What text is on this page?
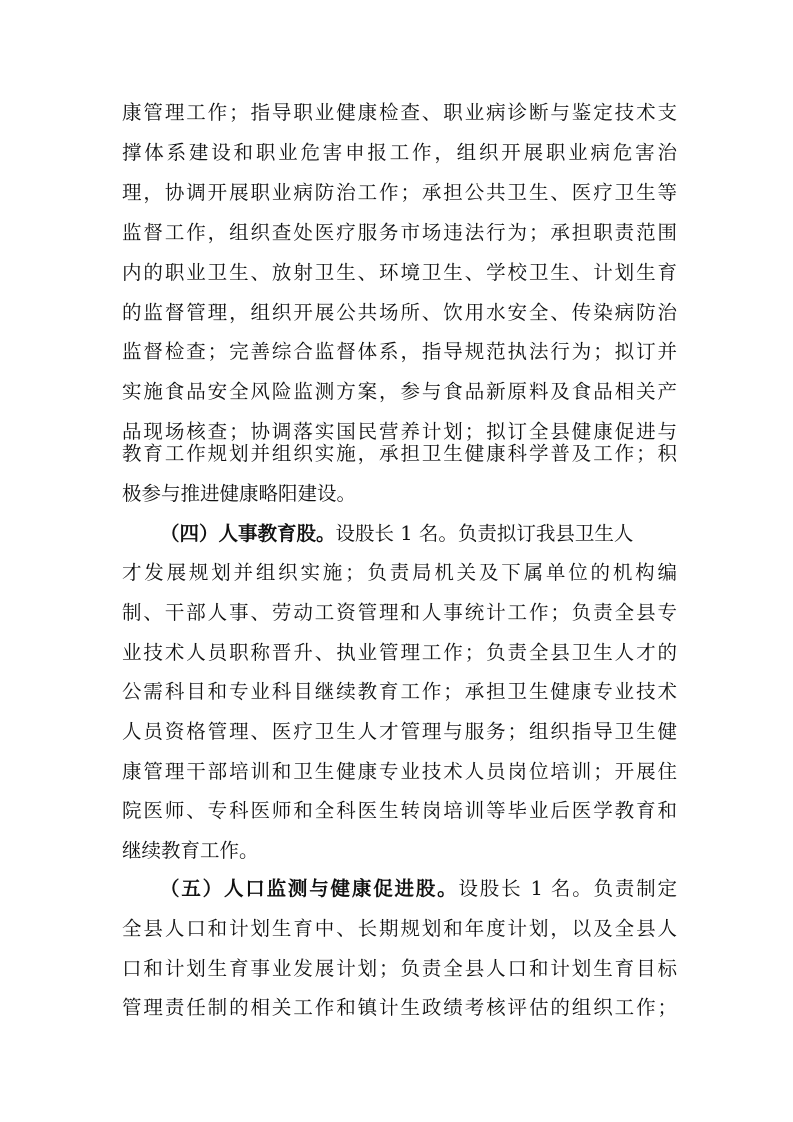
康管理工作；指导职业健康检查、职业病诊断与鉴定技术支
撑体系建设和职业危害申报工作，组织开展职业病危害治
理，协调开展职业病防治工作；承担公共卫生、医疗卫生等
监督工作，组织查处医疗服务市场违法行为；承担职责范围
内的职业卫生、放射卫生、环境卫生、学校卫生、计划生育
的监督管理，组织开展公共场所、饮用水安全、传染病防治
监督检查；完善综合监督体系，指导规范执法行为；拟订并
实施食品安全风险监测方案，参与食品新原料及食品相关产
品现场核查；协调落实国民营养计划；拟订全县健康促进与
教育工作规划并组织实施，承担卫生健康科学普及工作；积
极参与推进健康略阳建设。
（四）人事教育股。设股长 1 名。负责拟订我县卫生人
才发展规划并组织实施；负责局机关及下属单位的机构编
制、干部人事、劳动工资管理和人事统计工作；负责全县专
业技术人员职称晋升、执业管理工作；负责全县卫生人才的
公需科目和专业科目继续教育工作；承担卫生健康专业技术
人员资格管理、医疗卫生人才管理与服务；组织指导卫生健
康管理干部培训和卫生健康专业技术人员岗位培训；开展住
院医师、专科医师和全科医生转岗培训等毕业后医学教育和
继续教育工作。
（五）人口监测与健康促进股。设股长 1 名。负责制定
全县人口和计划生育中、长期规划和年度计划，以及全县人
口和计划生育事业发展计划；负责全县人口和计划生育目标
管理责任制的相关工作和镇计生政绩考核评估的组织工作；
